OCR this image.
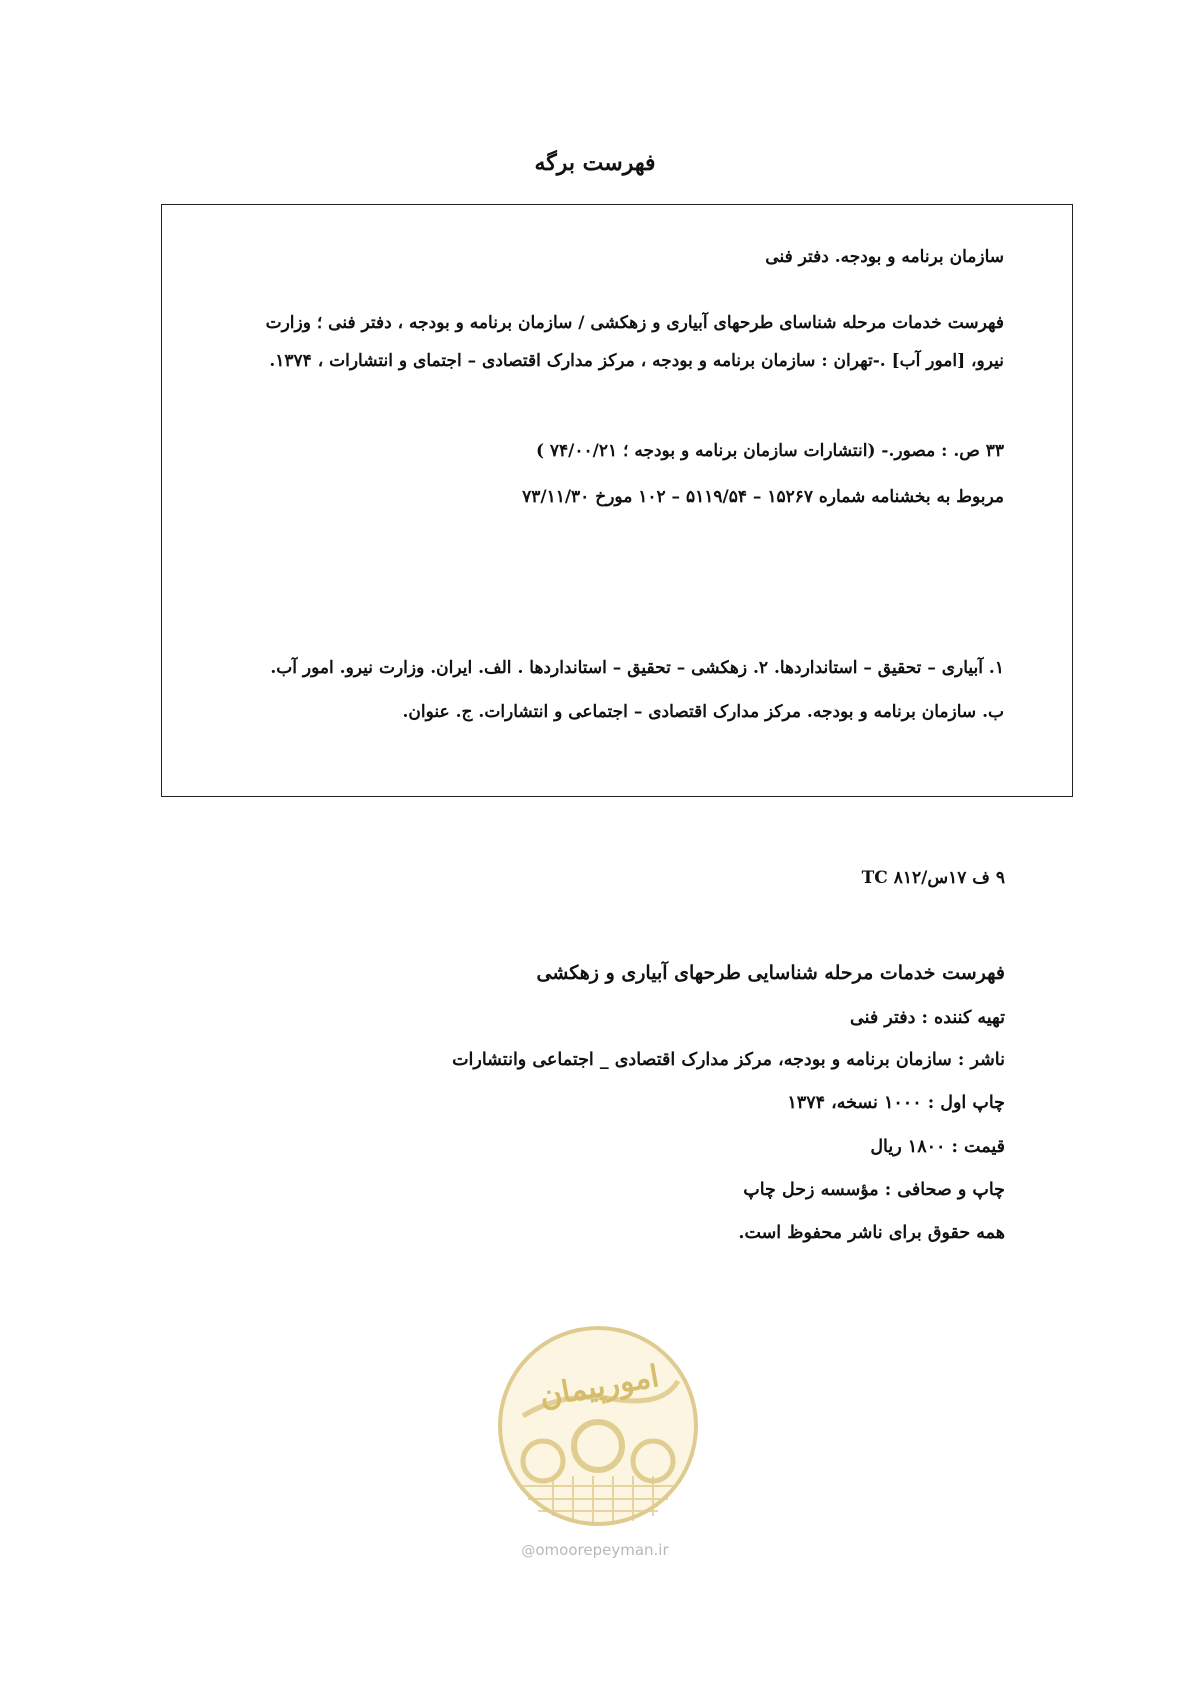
فهرست برگه
سازمان برنامه و بودجه. دفتر فنی
فهرست خدمات مرحله شناسای طرحهای آبیاری و زهکشی / سازمان برنامه و بودجه ، دفتر فنی ؛ وزارت
نیرو، [امور آب] .-تهران : سازمان برنامه و بودجه ، مرکز مدارک اقتصادی – اجتمای و انتشارات ، ۱۳۷۴.
۳۳ ص. : مصور.- (انتشارات سازمان برنامه و بودجه ؛ ۷۴/۰۰/۲۱ )
مربوط به بخشنامه شماره ۱۵۲۶۷ – ۵۱۱۹/۵۴ – ۱۰۲ مورخ ۷۳/۱۱/۳۰
۱. آبیاری – تحقیق – استانداردها. ۲. زهکشی – تحقیق – استانداردها . الف. ایران. وزارت نیرو. امور آب.
ب. سازمان برنامه و بودجه. مرکز مدارک اقتصادی – اجتماعی و انتشارات. ج. عنوان.
۹ ف ۱۷س/۸۱۲ TC
فهرست خدمات مرحله شناسایی طرحهای آبیاری و زهکشی
تهیه کننده : دفتر فنی
ناشر : سازمان برنامه و بودجه، مرکز مدارک اقتصادی _ اجتماعی وانتشارات
چاپ اول : ۱۰۰۰ نسخه، ۱۳۷۴
قیمت : ۱۸۰۰ ریال
چاپ و صحافی : مؤسسه زحل چاپ
همه حقوق برای ناشر محفوظ است.
امورپیمان
@omoorepeyman.ir
